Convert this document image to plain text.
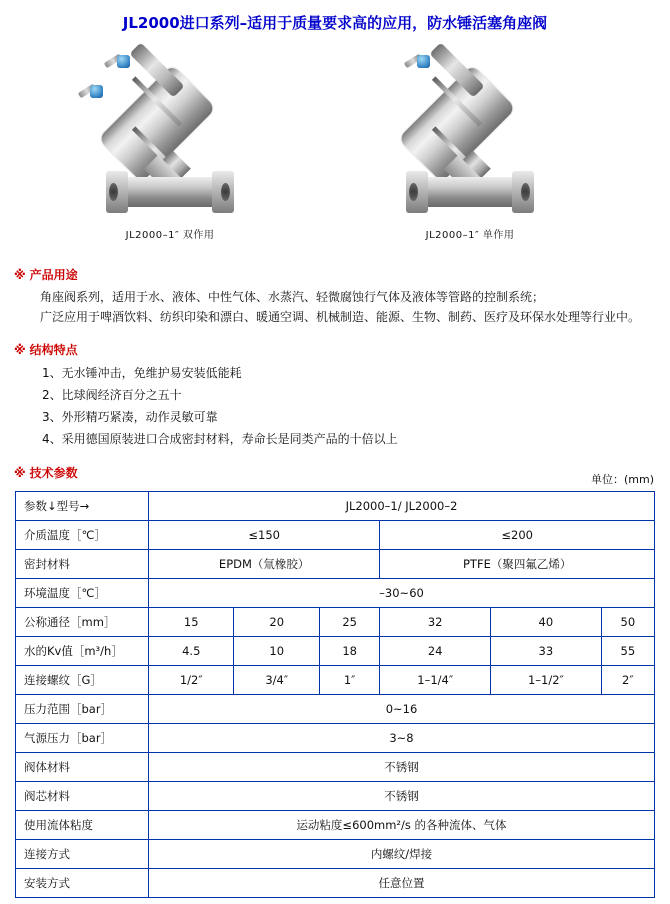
JL2000进口系列–适用于质量要求高的应用，防水锤活塞角座阀
JL2000–1″ 双作用	JL2000–1″ 单作用
※ 产品用途

角座阀系列，适用于水、液体、中性气体、水蒸汽、轻微腐蚀行气体及液体等管路的控制系统；

广泛应用于啤酒饮料、纺织印染和漂白、暖通空调、机械制造、能源、生物、制药、医疗及环保水处理等行业中。

※ 结构特点
1、无水锤冲击，免维护易安装低能耗
2、比球阀经济百分之五十
3、外形精巧紧凑，动作灵敏可靠
4、采用德国原装进口合成密封材料，寿命长是同类产品的十倍以上
※ 技术参数	单位：(mm)
参数↓型号→	JL2000–1/ JL2000–2					
介质温度［℃］	≤150			≤200		
密封材料	EPDM（氚橡胶）			PTFE（聚四氟乙烯）		
环境温度［℃］	–30~60					
公称通径［mm］	15	20	25	32	40	50
水的Kv值［m³/h］	4.5	10	18	24	33	55
连接螺纹［G］	1/2″	3/4″	1″	1–1/4″	1–1/2″	2″
压力范围［bar］	0~16					
气源压力［bar］	3~8					
阀体材料	不锈钢					
阀芯材料	不锈钢					
使用流体粘度	运动粘度≤600mm²/s 的各种流体、气体					
连接方式	内螺纹/焊接					
安装方式	任意位置					
